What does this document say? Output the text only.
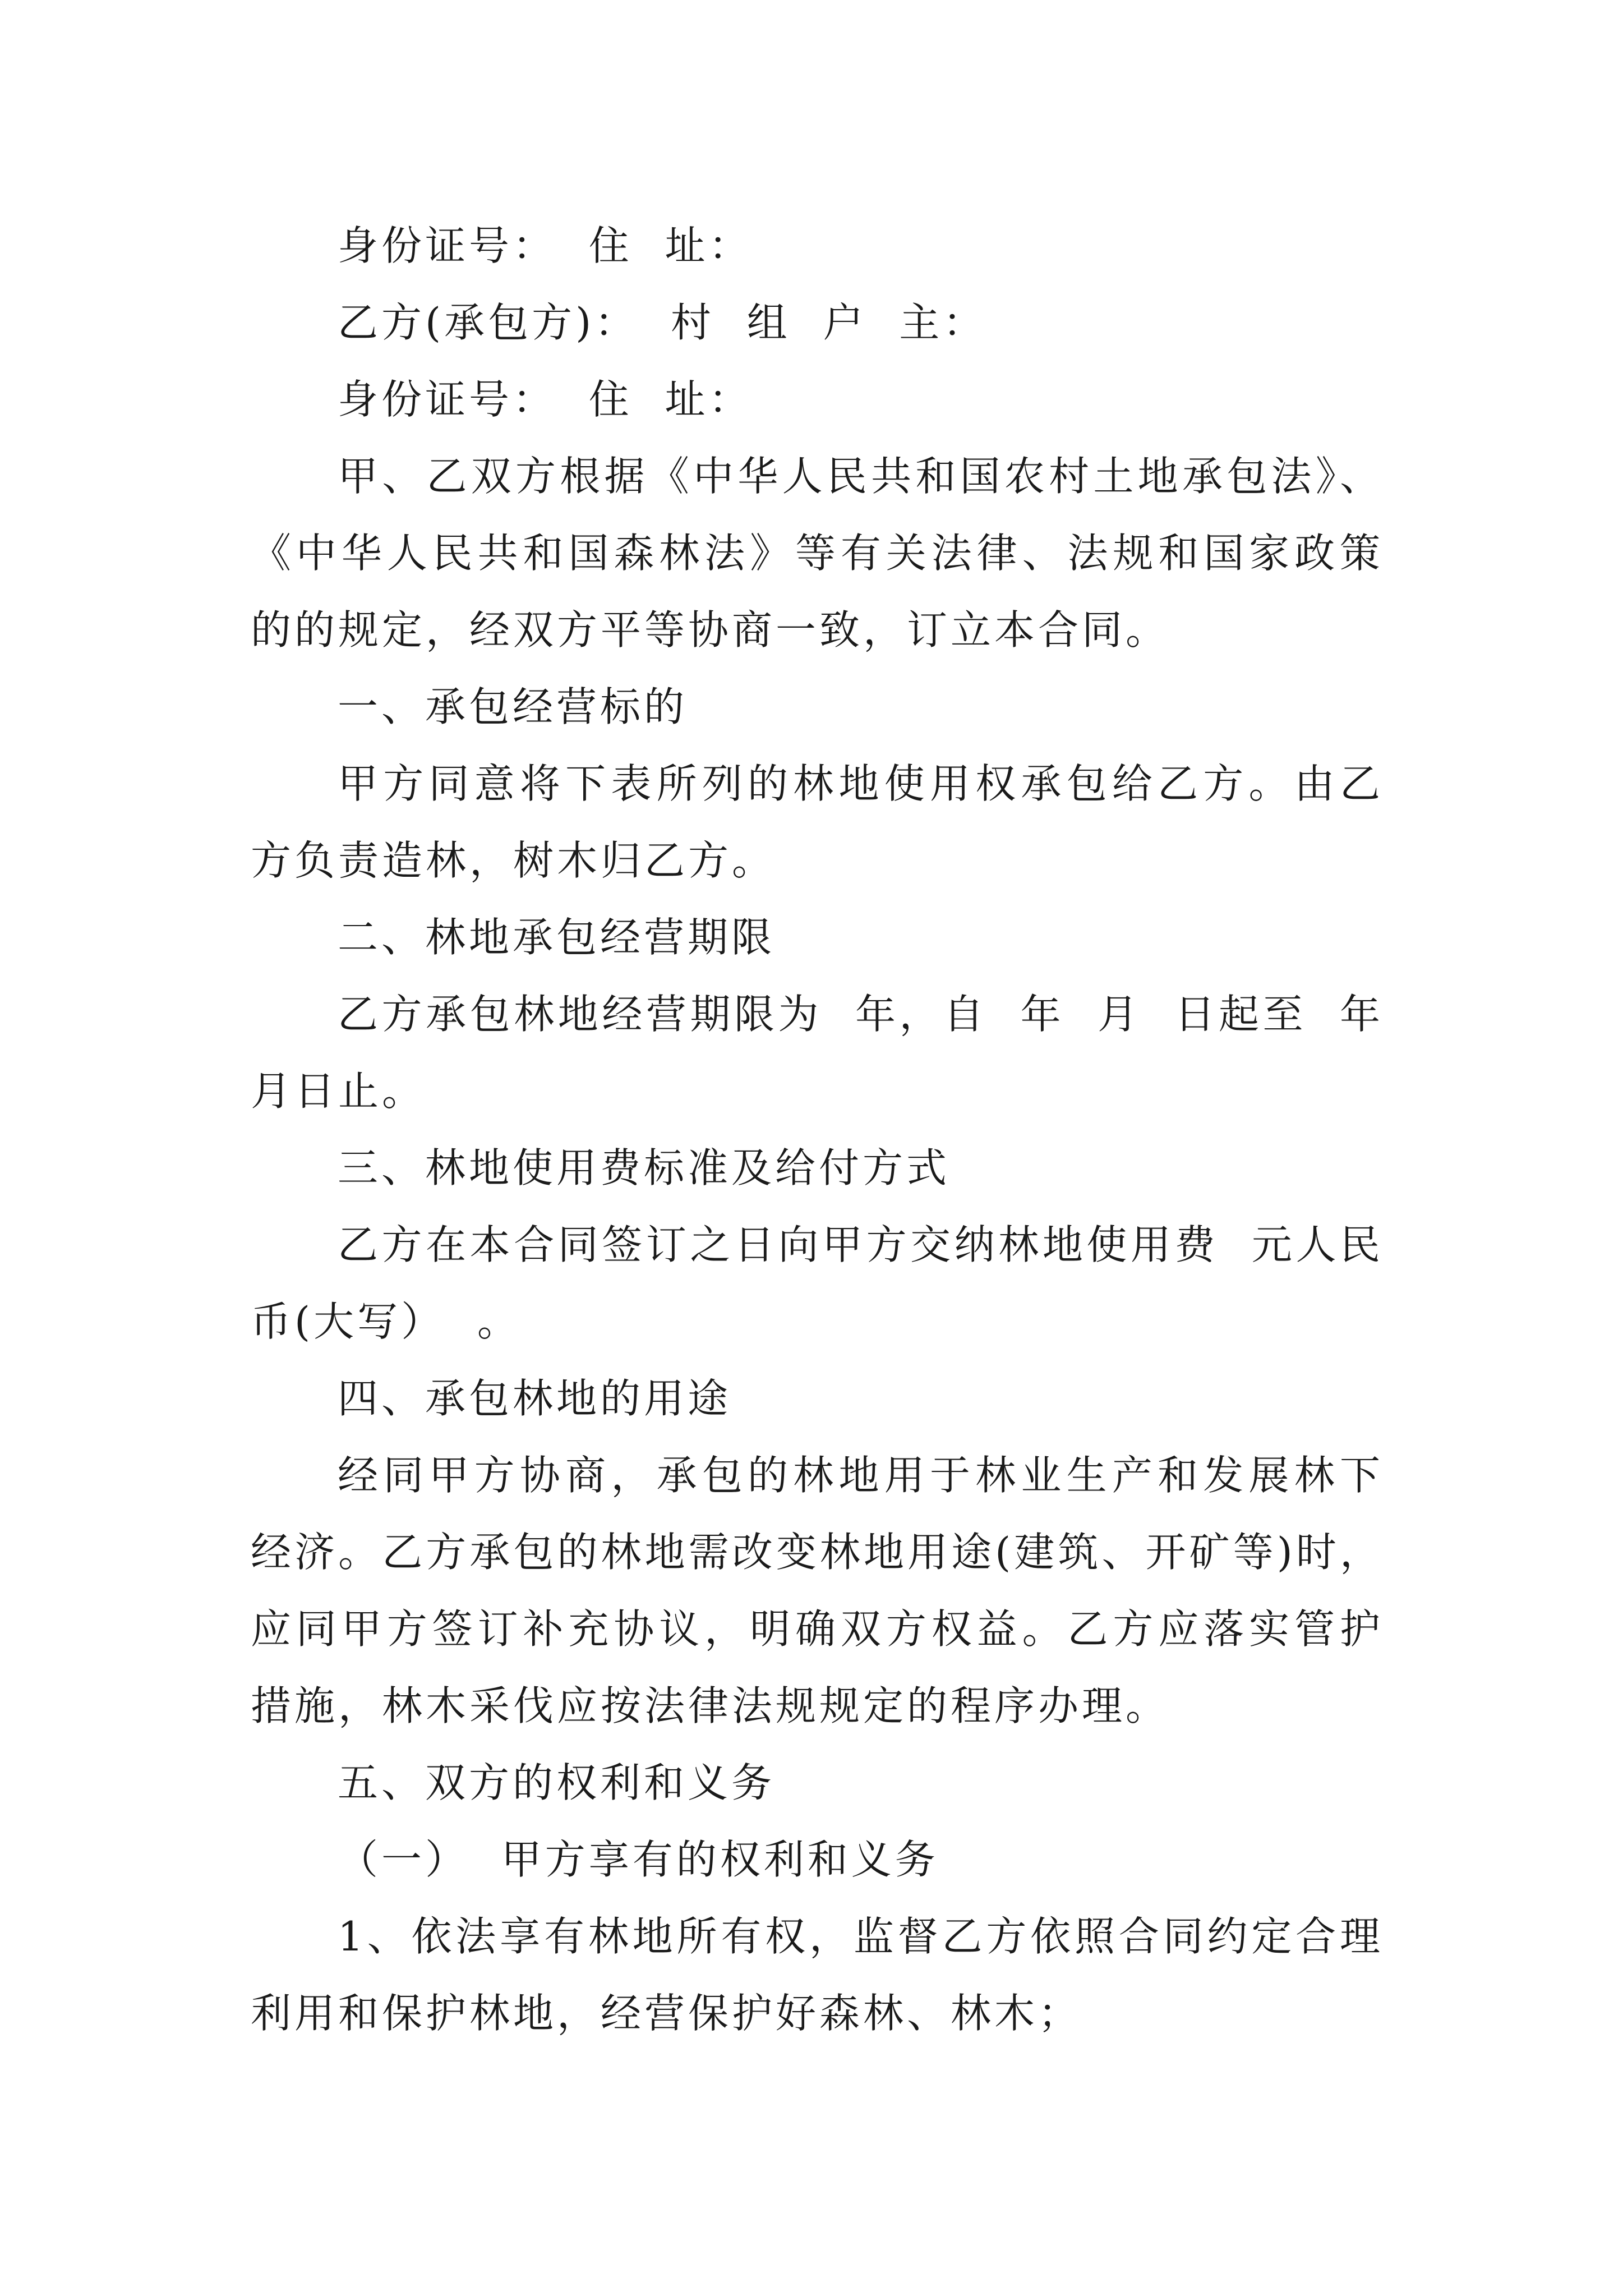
身份证号：  住  址：

乙方(承包方)：  村  组  户  主：

身份证号：  住  址：

甲、乙双方根据《中华人民共和国农村土地承包法》、《中华人民共和国森林法》等有关法律、法规和国家政策的的规定，经双方平等协商一致，订立本合同。

一、承包经营标的

甲方同意将下表所列的林地使用权承包给乙方。由乙方负责造林，树木归乙方。

二、林地承包经营期限

乙方承包林地经营期限为  年，自  年  月  日起至  年  月日止。

三、林地使用费标准及给付方式

乙方在本合同签订之日向甲方交纳林地使用费  元人民币(大写）  。

四、承包林地的用途

经同甲方协商，承包的林地用于林业生产和发展林下经济。乙方承包的林地需改变林地用途(建筑、开矿等)时，应同甲方签订补充协议，明确双方权益。乙方应落实管护措施，林木采伐应按法律法规规定的程序办理。

五、双方的权利和义务

（一）  甲方享有的权利和义务

1、依法享有林地所有权，监督乙方依照合同约定合理利用和保护林地，经营保护好森林、林木；
